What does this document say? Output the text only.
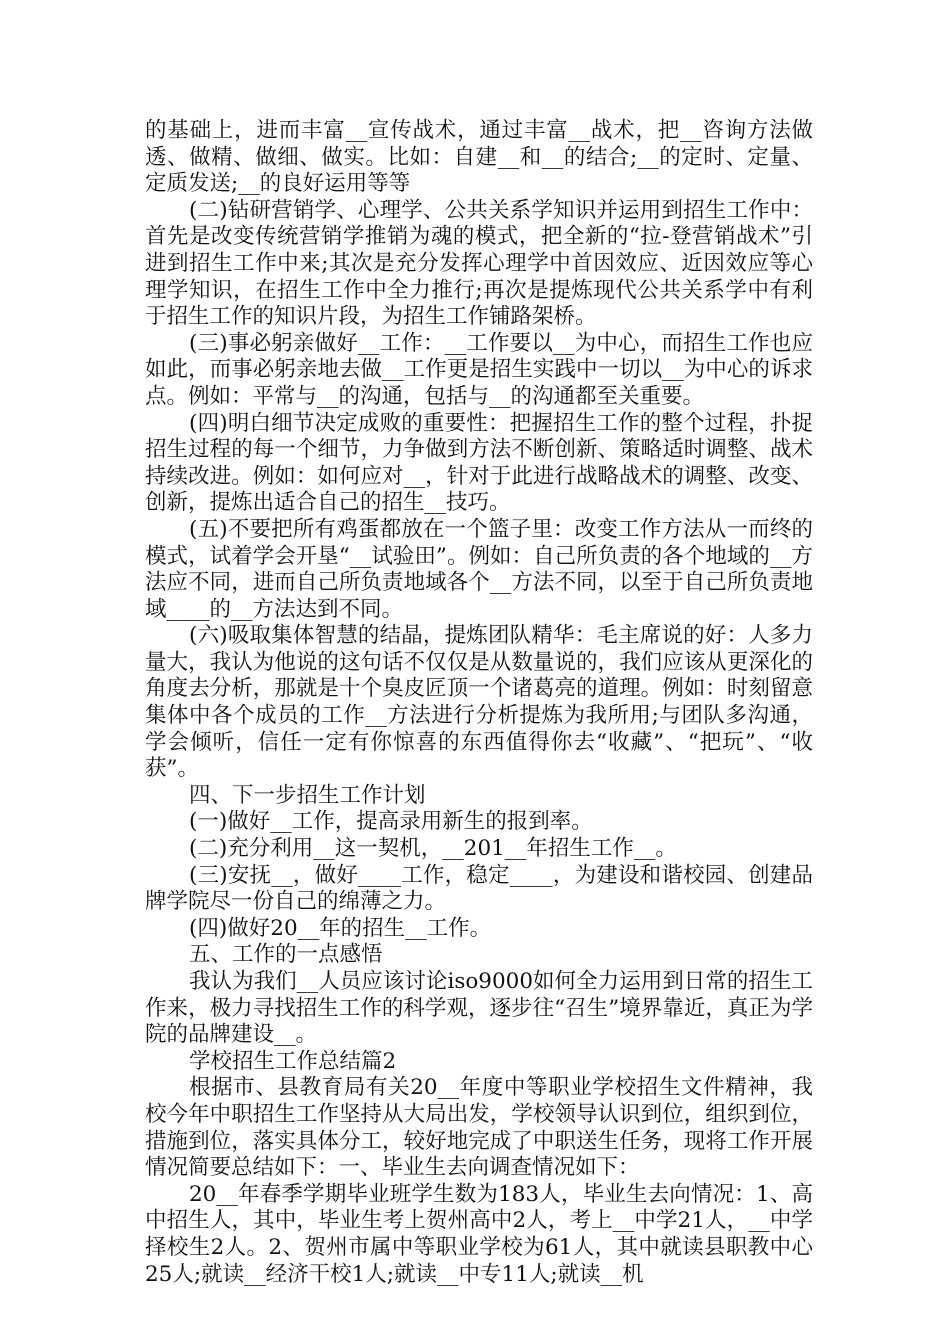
的基础上，进而丰富__宣传战术，通过丰富__战术，把__咨询方法做透、做精、做细、做实。比如：自建__和__的结合;__的定时、定量、定质发送;__的良好运用等等

(二)钻研营销学、心理学、公共关系学知识并运用到招生工作中：首先是改变传统营销学推销为魂的模式，把全新的“拉-登营销战术”引进到招生工作中来;其次是充分发挥心理学中首因效应、近因效应等心理学知识，在招生工作中全力推行;再次是提炼现代公共关系学中有利于招生工作的知识片段，为招生工作铺路架桥。

(三)事必躬亲做好__工作：__工作要以__为中心，而招生工作也应如此，而事必躬亲地去做__工作更是招生实践中一切以__为中心的诉求点。例如：平常与__的沟通，包括与__的沟通都至关重要。

(四)明白细节决定成败的重要性：把握招生工作的整个过程，扑捉招生过程的每一个细节，力争做到方法不断创新、策略适时调整、战术持续改进。例如：如何应对__，针对于此进行战略战术的调整、改变、创新，提炼出适合自己的招生__技巧。

(五)不要把所有鸡蛋都放在一个篮子里：改变工作方法从一而终的模式，试着学会开垦“__试验田”。例如：自己所负责的各个地域的__方法应不同，进而自己所负责地域各个__方法不同，以至于自己所负责地域____的__方法达到不同。

(六)吸取集体智慧的结晶，提炼团队精华：毛主席说的好：人多力量大，我认为他说的这句话不仅仅是从数量说的，我们应该从更深化的角度去分析，那就是十个臭皮匠顶一个诸葛亮的道理。例如：时刻留意集体中各个成员的工作__方法进行分析提炼为我所用;与团队多沟通，学会倾听，信任一定有你惊喜的东西值得你去“收藏”、“把玩”、“收获”。

四、下一步招生工作计划

(一)做好__工作，提高录用新生的报到率。

(二)充分利用__这一契机，__201__年招生工作__。

(三)安抚__，做好____工作，稳定____，为建设和谐校园、创建品牌学院尽一份自己的绵薄之力。

(四)做好20__年的招生__工作。

五、工作的一点感悟

我认为我们__人员应该讨论iso9000如何全力运用到日常的招生工作来，极力寻找招生工作的科学观，逐步往“召生”境界靠近，真正为学院的品牌建设__。

学校招生工作总结篇2

根据市、县教育局有关20__年度中等职业学校招生文件精神，我校今年中职招生工作坚持从大局出发，学校领导认识到位，组织到位，措施到位，落实具体分工，较好地完成了中职送生任务，现将工作开展情况简要总结如下：一、毕业生去向调查情况如下：

20__年春季学期毕业班学生数为183人，毕业生去向情况：1、高中招生人，其中，毕业生考上贺州高中2人，考上__中学21人，__中学择校生2人。2、贺州市属中等职业学校为61人，其中就读县职教中心25人;就读__经济干校1人;就读__中专11人;就读__机
